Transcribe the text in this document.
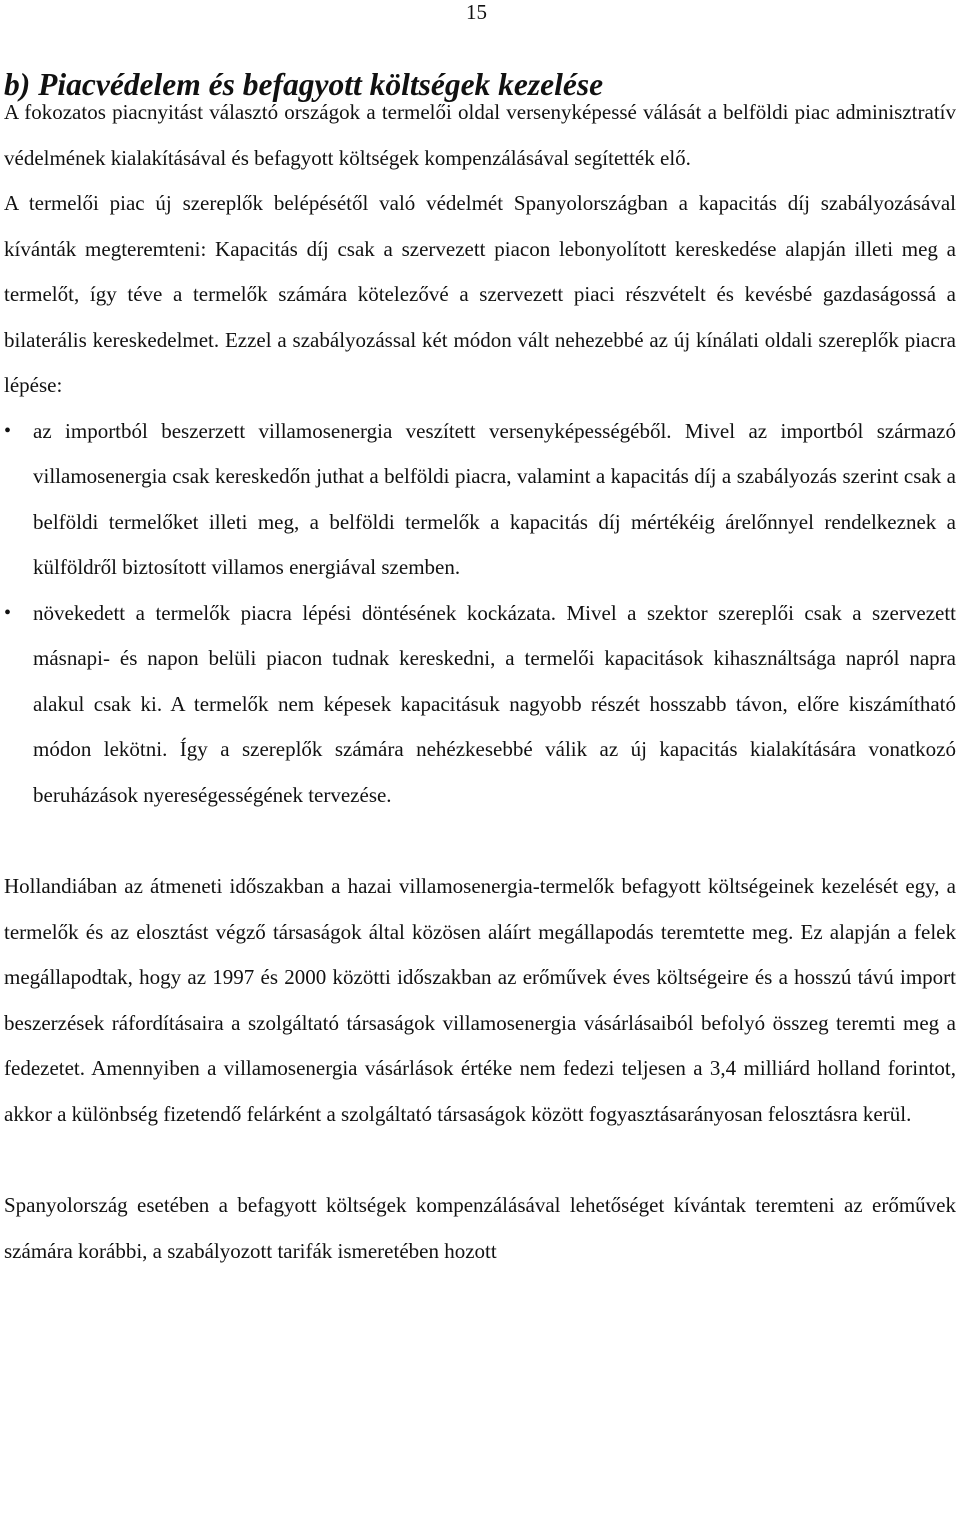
15
b) Piacvédelem és befagyott költségek kezelése

A fokozatos piacnyitást választó országok a termelői oldal versenyképessé válását a belföldi piac adminisztratív védelmének kialakításával és befagyott költségek kompenzálásával segítették elő.

A termelői piac új szereplők belépésétől való védelmét Spanyolországban a kapacitás díj szabályozásával kívánták megteremteni: Kapacitás díj csak a szervezett piacon lebonyolított kereskedése alapján illeti meg a termelőt, így téve a termelők számára kötelezővé a szervezett piaci részvételt és kevésbé gazdaságossá a bilaterális kereskedelmet. Ezzel a szabályozással két módon vált nehezebbé az új kínálati oldali szereplők piacra lépése:

•	az importból beszerzett villamosenergia veszített versenyképességéből. Mivel az importból származó villamosenergia csak kereskedőn juthat a belföldi piacra, valamint a kapacitás díj a szabályozás szerint csak a belföldi termelőket illeti meg, a belföldi termelők a kapacitás díj mértékéig árelőnnyel rendelkeznek a külföldről biztosított villamos energiával szemben.
•	növekedett a termelők piacra lépési döntésének kockázata. Mivel a szektor szereplői csak a szervezett másnapi- és napon belüli piacon tudnak kereskedni, a termelői kapacitások kihasználtsága napról napra alakul csak ki. A termelők nem képesek kapacitásuk nagyobb részét hosszabb távon, előre kiszámítható módon lekötni. Így a szereplők számára nehézkesebbé válik az új kapacitás kialakítására vonatkozó beruházások nyereségességének tervezése.

Hollandiában az átmeneti időszakban a hazai villamosenergia-termelők befagyott költségeinek kezelését egy, a termelők és az elosztást végző társaságok által közösen aláírt megállapodás teremtette meg. Ez alapján a felek megállapodtak, hogy az 1997 és 2000 közötti időszakban az erőművek éves költségeire és a hosszú távú import beszerzések ráfordításaira a szolgáltató társaságok villamosenergia vásárlásaiból befolyó összeg teremti meg a fedezetet. Amennyiben a villamosenergia vásárlások értéke nem fedezi teljesen a 3,4 milliárd holland forintot, akkor a különbség fizetendő felárként a szolgáltató társaságok között fogyasztásarányosan felosztásra kerül.

Spanyolország esetében a befagyott költségek kompenzálásával lehetőséget kívántak teremteni az erőművek számára korábbi, a szabályozott tarifák ismeretében hozott
